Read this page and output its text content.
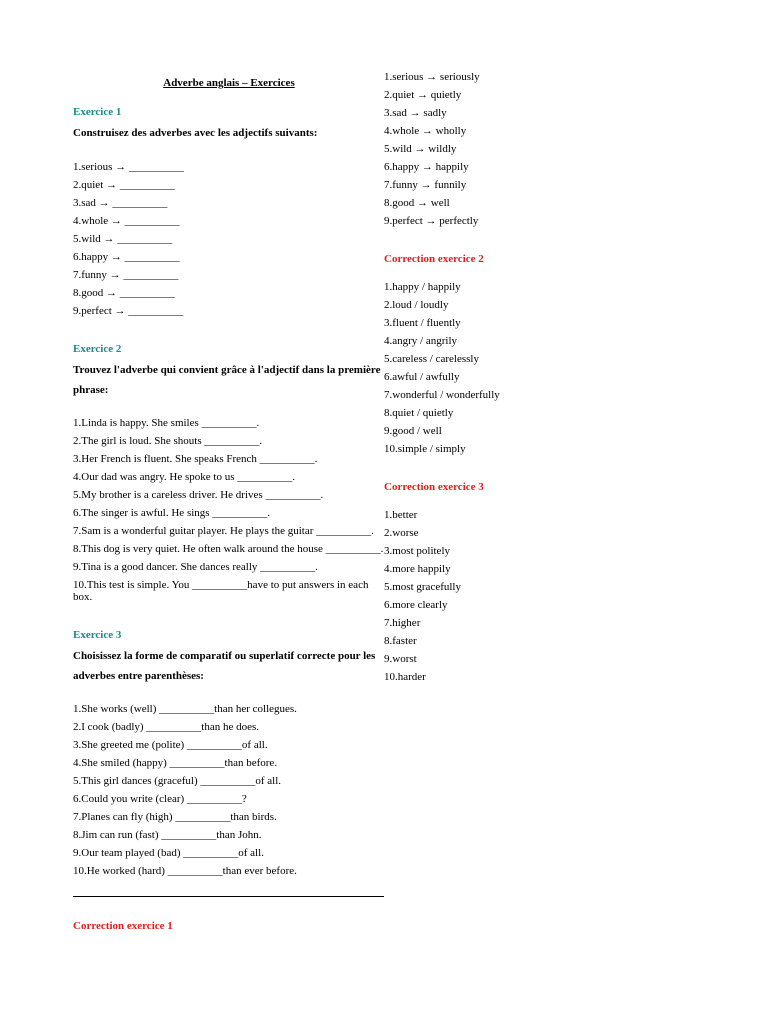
Adverbe anglais – Exercices
Exercice 1
Construisez des adverbes avec les adjectifs suivants:
1.serious → __________
2.quiet → __________
3.sad → __________
4.whole → __________
5.wild → __________
6.happy → __________
7.funny → __________
8.good → __________
9.perfect → __________
Exercice 2
Trouvez l'adverbe qui convient grâce à l'adjectif dans la première phrase:
1.Linda is happy. She smiles __________.
2.The girl is loud. She shouts __________.
3.Her French is fluent. She speaks French __________.
4.Our dad was angry. He spoke to us __________.
5.My brother is a careless driver. He drives __________.
6.The singer is awful. He sings __________.
7.Sam is a wonderful guitar player. He plays the guitar __________.
8.This dog is very quiet. He often walk around the house __________.
9.Tina is a good dancer. She dances really __________.
10.This test is simple. You __________have to put answers in each box.
Exercice 3
Choisissez la forme de comparatif ou superlatif correcte pour les adverbes entre parenthèses:
1.She works (well) __________than her collegues.
2.I cook (badly) __________than he does.
3.She greeted me (polite) __________of all.
4.She smiled (happy) __________than before.
5.This girl dances (graceful) __________of all.
6.Could you write (clear) __________?
7.Planes can fly (high) __________than birds.
8.Jim can run (fast) __________than John.
9.Our team played (bad) __________of all.
10.He worked (hard) __________than ever before.
Correction exercice 1
1.serious → seriously
2.quiet → quietly
3.sad → sadly
4.whole → wholly
5.wild → wildly
6.happy → happily
7.funny → funnily
8.good → well
9.perfect → perfectly
Correction exercice 2
1.happy / happily
2.loud / loudly
3.fluent / fluently
4.angry / angrily
5.careless / carelessly
6.awful / awfully
7.wonderful / wonderfully
8.quiet / quietly
9.good / well
10.simple / simply
Correction exercice 3
1.better
2.worse
3.most politely
4.more happily
5.most gracefully
6.more clearly
7.higher
8.faster
9.worst
10.harder
